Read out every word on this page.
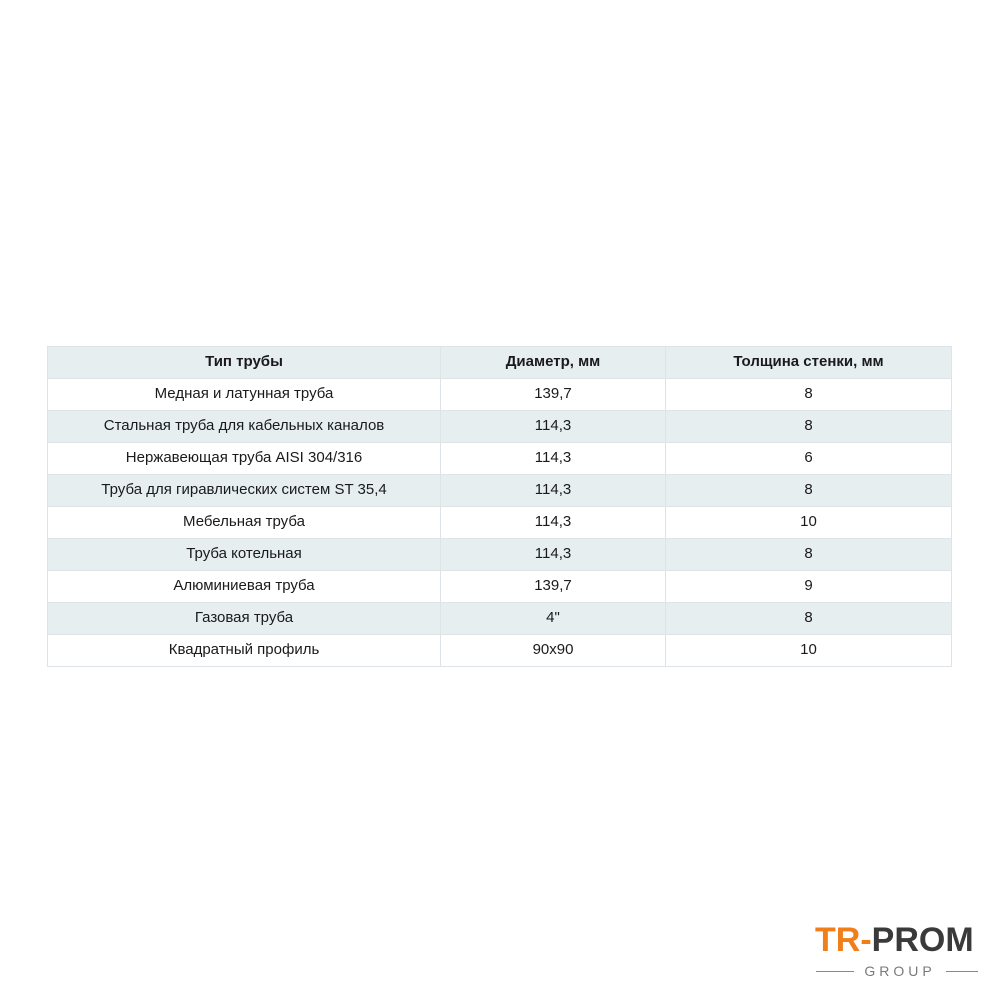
Тип трубы	Диаметр, мм	Толщина стенки, мм
Медная и латунная труба	139,7	8
Стальная труба для кабельных каналов	114,3	8
Нержавеющая труба AISI 304/316	114,3	6
Труба для гиравлических систем ST 35,4	114,3	8
Мебельная труба	114,3	10
Труба котельная	114,3	8
Алюминиевая труба	139,7	9
Газовая труба	4"	8
Квадратный профиль	90x90	10
TR-PROM
GROUP
